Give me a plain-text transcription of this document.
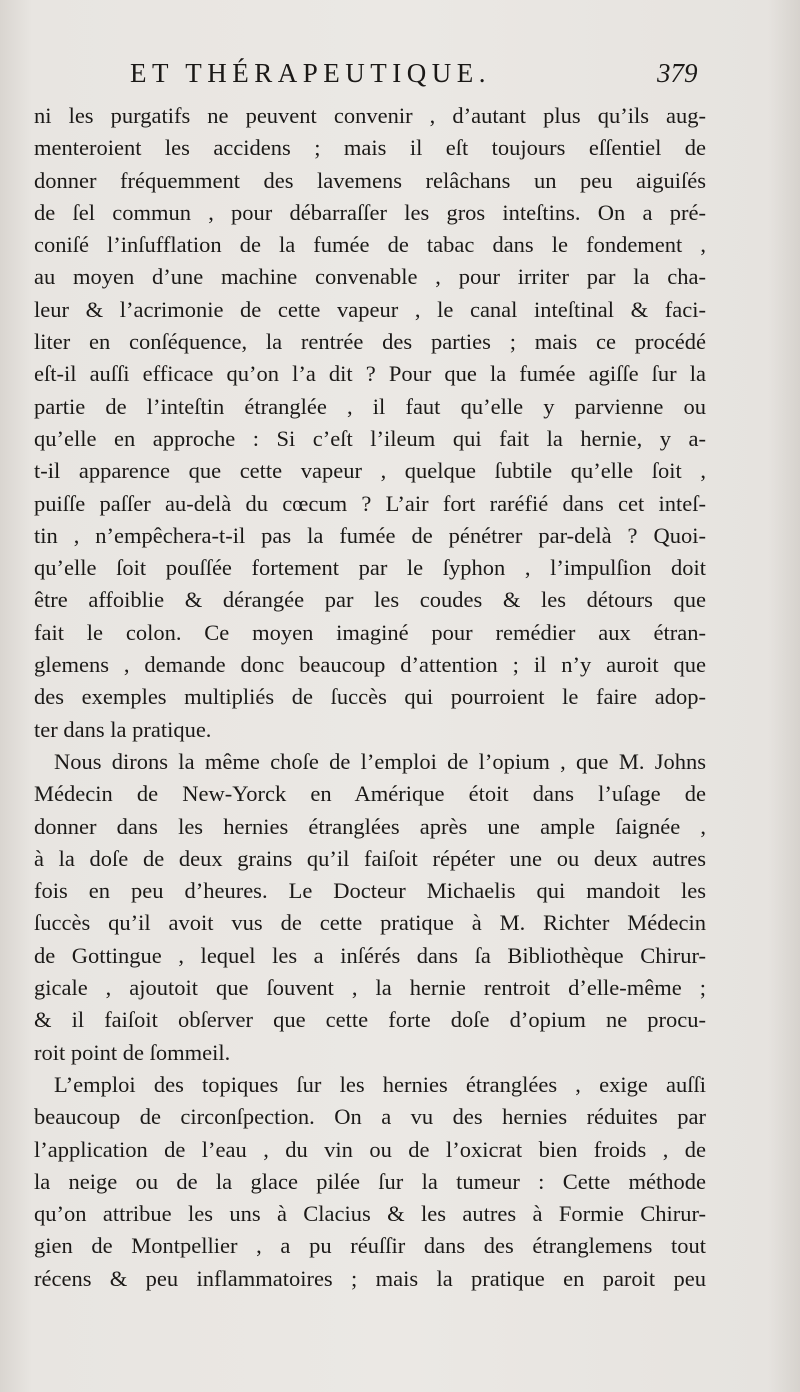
ET THÉRAPEUTIQUE.	379
ni les purgatifs ne peuvent convenir , d’autant plus qu’ils aug-
menteroient les accidens ; mais il eſt toujours eſſentiel de
donner fréquemment des lavemens relâchans un peu aiguiſés
de ſel commun , pour débarraſſer les gros inteſtins. On a pré-
coniſé l’inſufflation de la fumée de tabac dans le fondement ,
au moyen d’une machine convenable , pour irriter par la cha-
leur & l’acrimonie de cette vapeur , le canal inteſtinal & faci-
liter en conſéquence, la rentrée des parties ; mais ce procédé
eſt-il auſſi efficace qu’on l’a dit ? Pour que la fumée agiſſe ſur la
partie de l’inteſtin étranglée , il faut qu’elle y parvienne ou
qu’elle en approche : Si c’eſt l’ileum qui fait la hernie, y a-
t-il apparence que cette vapeur , quelque ſubtile qu’elle ſoit ,
puiſſe paſſer au-delà du cœcum ? L’air fort raréfié dans cet inteſ-
tin , n’empêchera-t-il pas la fumée de pénétrer par-delà ? Quoi-
qu’elle ſoit pouſſée fortement par le ſyphon , l’impulſion doit
être affoiblie & dérangée par les coudes & les détours que
fait le colon. Ce moyen imaginé pour remédier aux étran-
glemens , demande donc beaucoup d’attention ; il n’y auroit que
des exemples multipliés de ſuccès qui pourroient le faire adop-
ter dans la pratique.
Nous dirons la même choſe de l’emploi de l’opium , que M. Johns
Médecin de New-Yorck en Amérique étoit dans l’uſage de
donner dans les hernies étranglées après une ample ſaignée ,
à la doſe de deux grains qu’il faiſoit répéter une ou deux autres
fois en peu d’heures. Le Docteur Michaelis qui mandoit les
ſuccès qu’il avoit vus de cette pratique à M. Richter Médecin
de Gottingue , lequel les a inſérés dans ſa Bibliothèque Chirur-
gicale , ajoutoit que ſouvent , la hernie rentroit d’elle-même ;
& il faiſoit obſerver que cette forte doſe d’opium ne procu-
roit point de ſommeil.
L’emploi des topiques ſur les hernies étranglées , exige auſſi
beaucoup de circonſpection. On a vu des hernies réduites par
l’application de l’eau , du vin ou de l’oxicrat bien froids , de
la neige ou de la glace pilée ſur la tumeur : Cette méthode
qu’on attribue les uns à Clacius & les autres à Formie Chirur-
gien de Montpellier , a pu réuſſir dans des étranglemens tout
récens & peu inflammatoires ; mais la pratique en paroit peu
